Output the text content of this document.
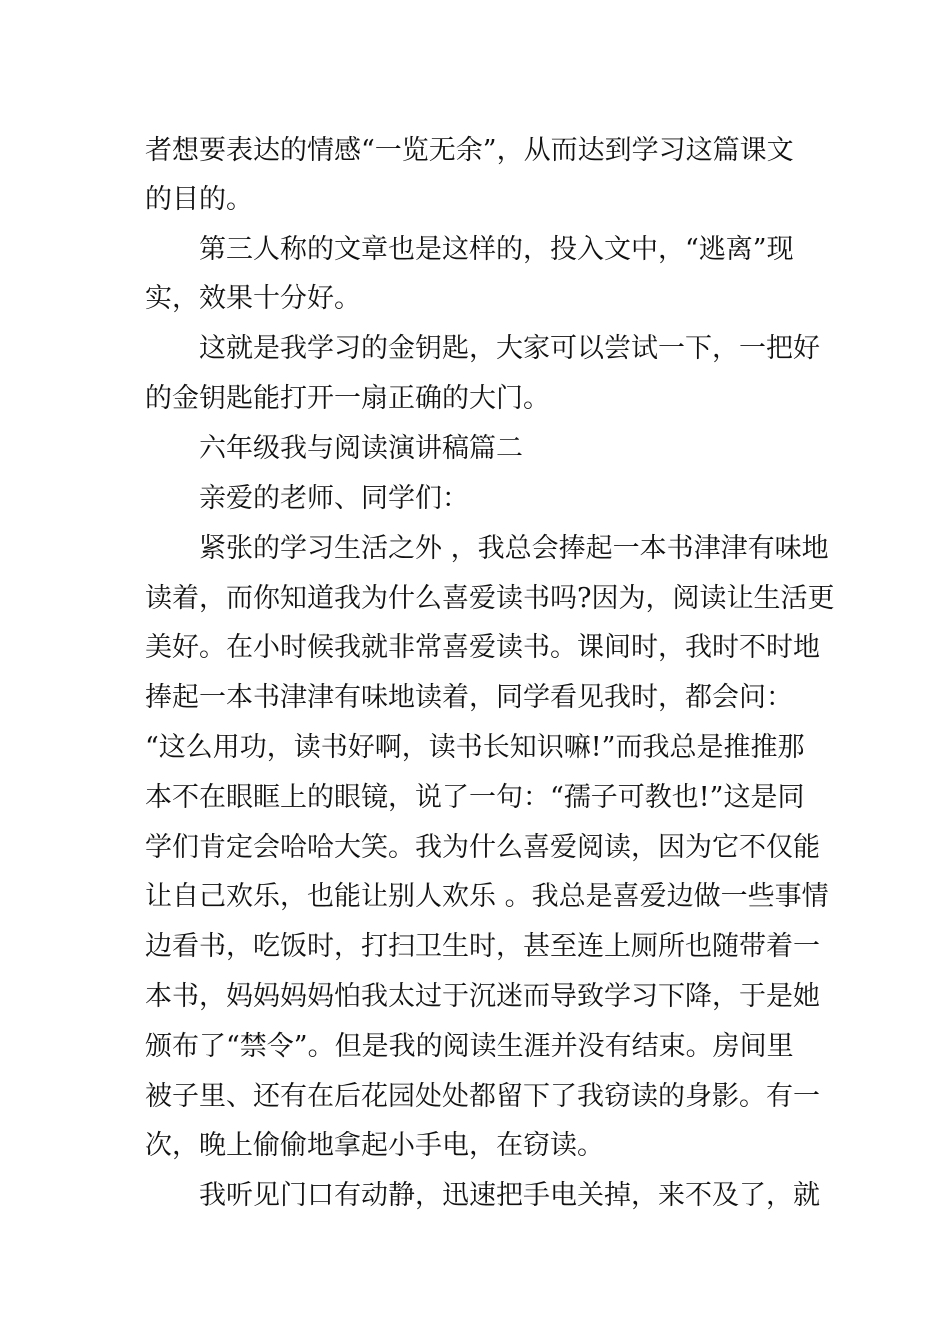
者想要表达的情感“一览无余”，从而达到学习这篇课文
的目的。
第三人称的文章也是这样的，投入文中，“逃离”现
实，效果十分好。
这就是我学习的金钥匙，大家可以尝试一下，一把好
的金钥匙能打开一扇正确的大门。
六年级我与阅读演讲稿篇二
亲爱的老师、同学们：
紧张的学习生活之外 ，我总会捧起一本书津津有味地
读着，而你知道我为什么喜爱读书吗?因为，阅读让生活更
美好。在小时候我就非常喜爱读书。课间时，我时不时地
捧起一本书津津有味地读着，同学看见我时，都会问：
“这么用功，读书好啊，读书长知识嘛!”而我总是推推那
本不在眼眶上的眼镜，说了一句：“孺子可教也!”这是同
学们肯定会哈哈大笑。我为什么喜爱阅读，因为它不仅能
让自己欢乐，也能让别人欢乐 。我总是喜爱边做一些事情
边看书，吃饭时，打扫卫生时，甚至连上厕所也随带着一
本书，妈妈妈妈怕我太过于沉迷而导致学习下降，于是她
颁布了“禁令”。但是我的阅读生涯并没有结束。房间里
被子里、还有在后花园处处都留下了我窃读的身影。有一
次，晚上偷偷地拿起小手电，在窃读。
我听见门口有动静，迅速把手电关掉，来不及了，就
